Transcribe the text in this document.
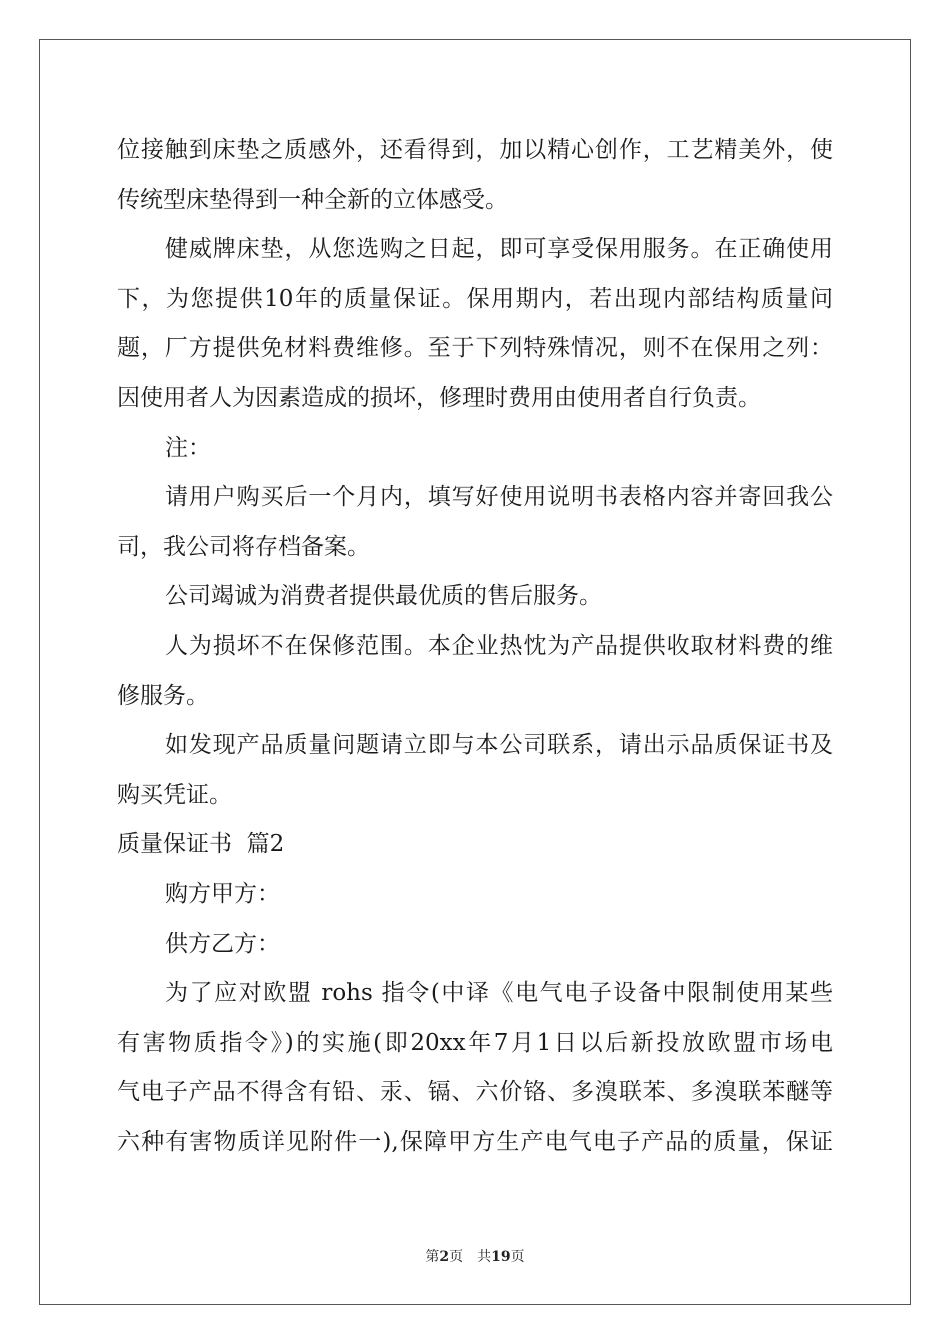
位接触到床垫之质感外，还看得到，加以精心创作，工艺精美外，使
传统型床垫得到一种全新的立体感受。
健威牌床垫，从您选购之日起，即可享受保用服务。在正确使用
下，为您提供10年的质量保证。保用期内，若出现内部结构质量问
题，厂方提供免材料费维修。至于下列特殊情况，则不在保用之列：
因使用者人为因素造成的损坏，修理时费用由使用者自行负责。
注：
请用户购买后一个月内，填写好使用说明书表格内容并寄回我公
司，我公司将存档备案。
公司竭诚为消费者提供最优质的售后服务。
人为损坏不在保修范围。本企业热忱为产品提供收取材料费的维
修服务。
如发现产品质量问题请立即与本公司联系，请出示品质保证书及
购买凭证。
质量保证书  篇2
购方甲方：
供方乙方：
为了应对欧盟 rohs 指令(中译《电气电子设备中限制使用某些
有害物质指令》)的实施(即20xx年7月1日以后新投放欧盟市场电
气电子产品不得含有铅、汞、镉、六价铬、多溴联苯、多溴联苯醚等
六种有害物质详见附件一),保障甲方生产电气电子产品的质量，保证
第2页 共19页
